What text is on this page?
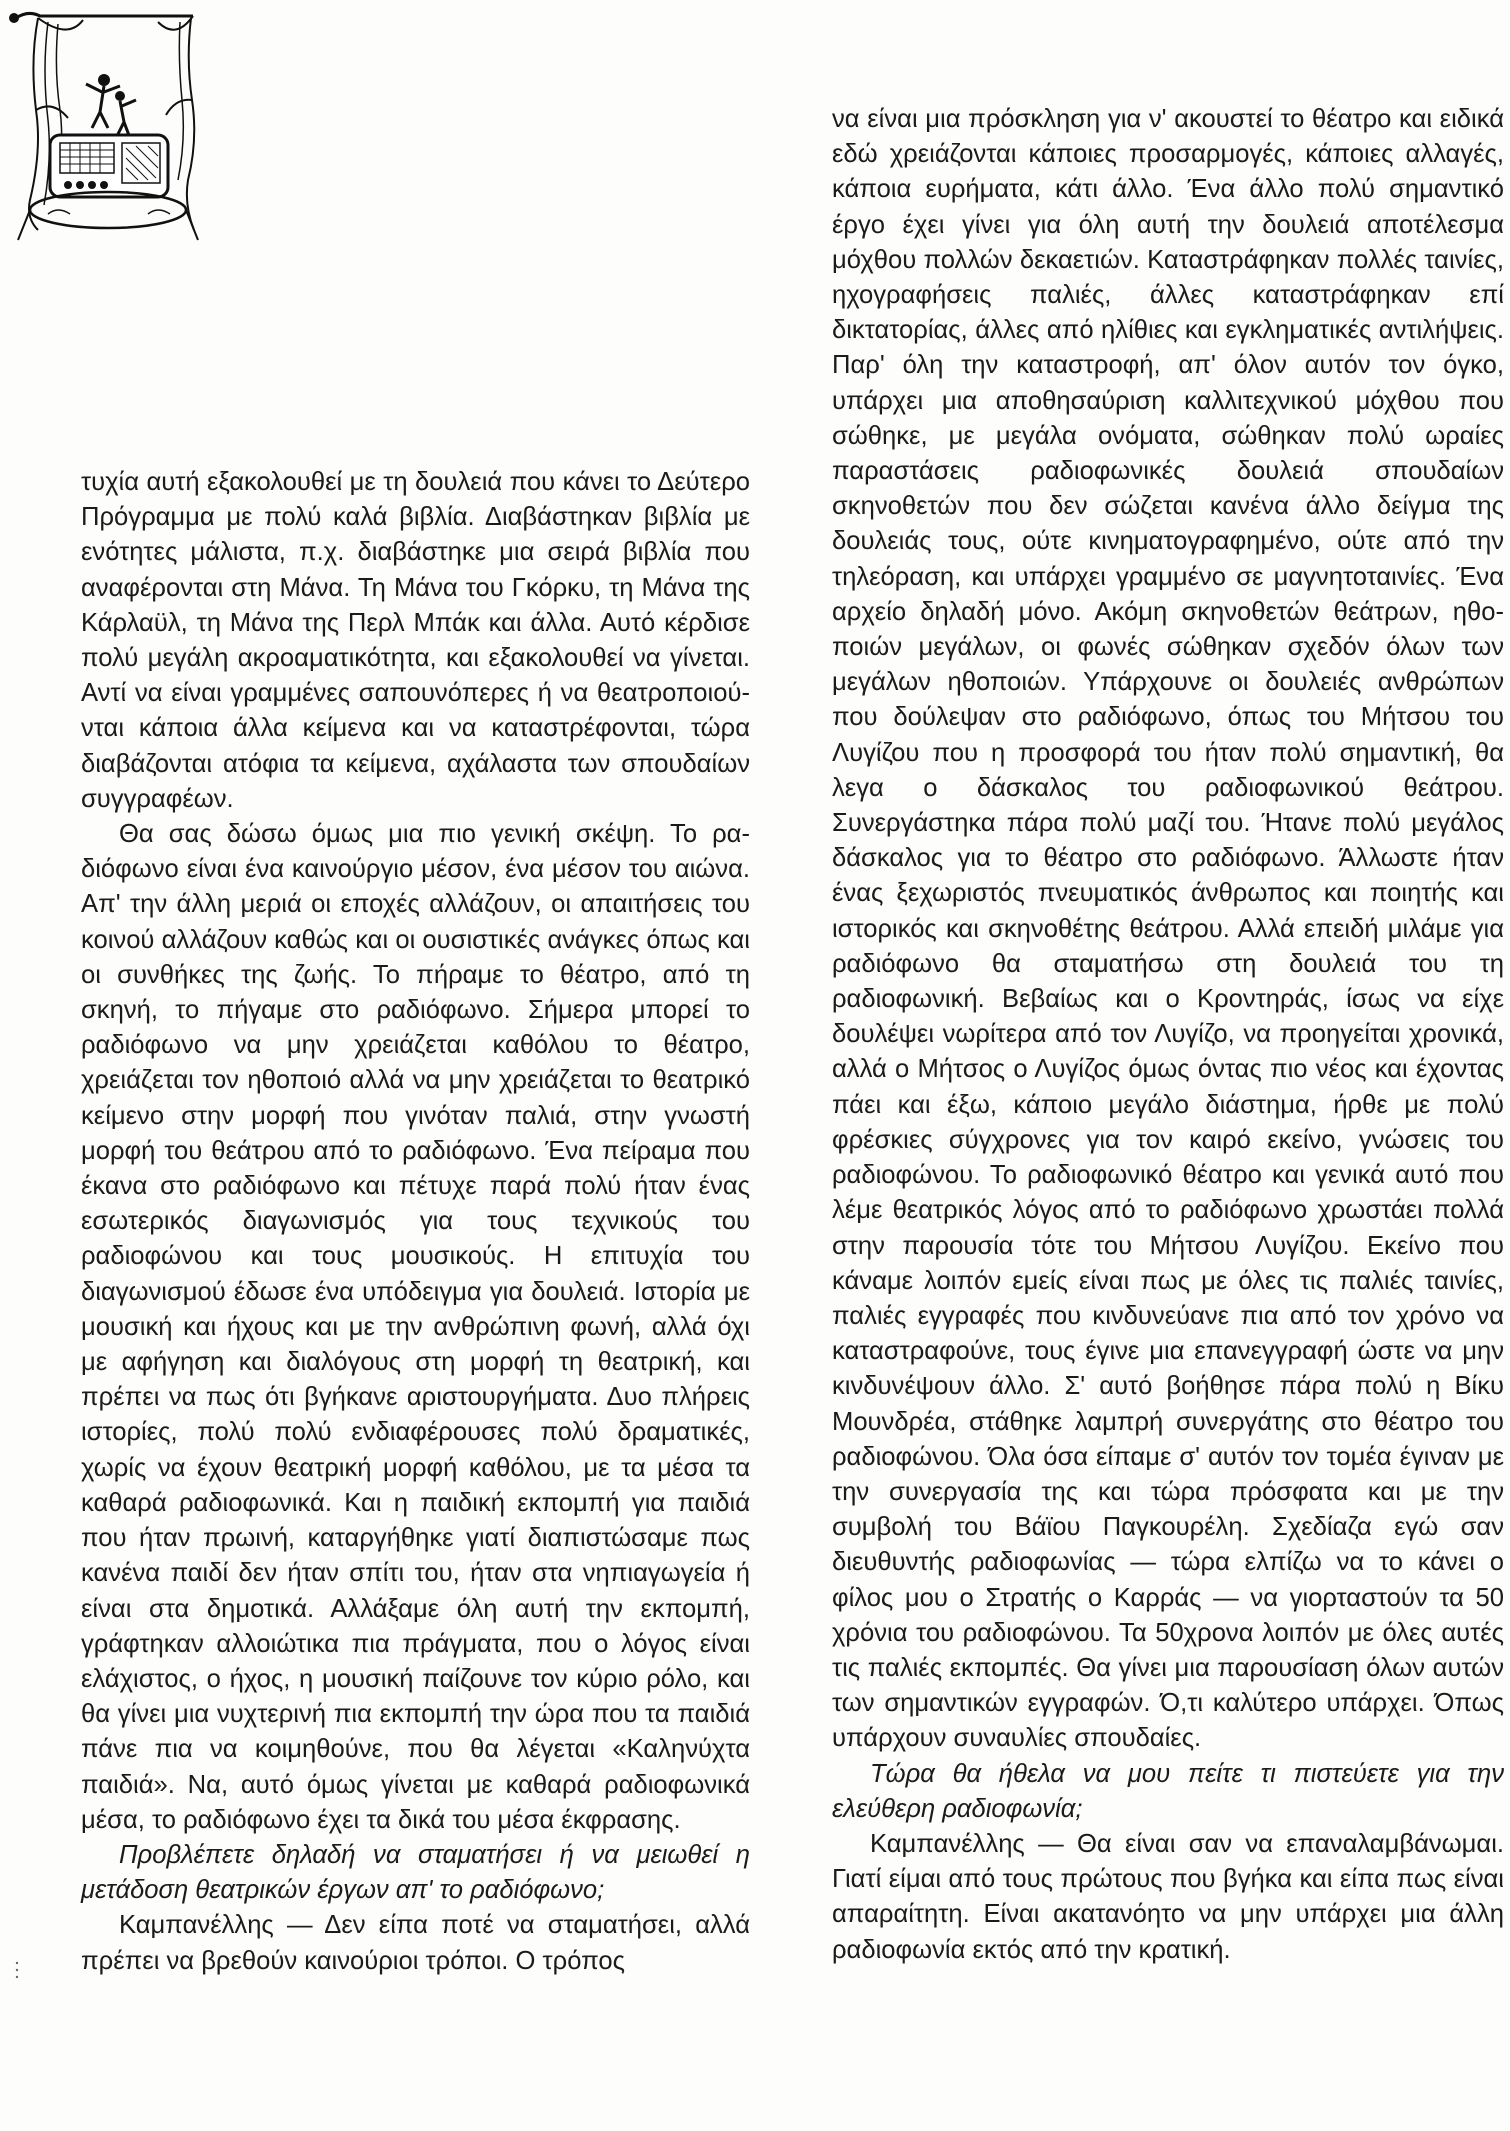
τυχία αυτή εξακολουθεί με τη δουλειά που κάνει το Δεύτερο Πρόγραμμα με πολύ καλά βιβλία. Διαβάστηκαν βιβλία με ενότητες μάλιστα, π.χ. διαβάστηκε μια σειρά βιβλία που αναφέρονται στη Μάνα. Τη Μάνα του Γκόρκυ, τη Μάνα της Κάρλαϋλ, τη Μάνα της Περλ Μπάκ και άλλα. Αυτό κέρδισε πολύ μεγάλη ακροαματικότητα, και εξακολουθεί να γίνεται. Αντί να είναι γραμμένες σαπουνόπερες ή να θεατροποιούνται κάποια άλλα κείμενα και να καταστρέφονται, τώρα διαβάζονται ατόφια τα κείμενα, αχάλαστα των σπουδαίων συγγραφέων.

Θα σας δώσω όμως μια πιο γενική σκέψη. Το ραδιόφωνο είναι ένα καινούργιο μέσον, ένα μέσον του αιώνα. Απ' την άλλη μεριά οι εποχές αλλάζουν, οι απαιτήσεις του κοινού αλλάζουν καθώς και οι ουσιστικές ανάγκες όπως και οι συνθήκες της ζωής. Το πήραμε το θέατρο, από τη σκηνή, το πήγαμε στο ραδιόφωνο. Σήμερα μπορεί το ραδιόφωνο να μην χρειάζεται καθόλου το θέατρο, χρειάζεται τον ηθοποιό αλλά να μην χρειάζεται το θεατρικό κείμενο στην μορφή που γινόταν παλιά, στην γνωστή μορφή του θεάτρου από το ραδιόφωνο. Ένα πείραμα που έκανα στο ραδιόφωνο και πέτυχε παρά πολύ ήταν ένας εσωτερικός διαγωνισμός για τους τεχνικούς του ραδιοφώνου και τους μουσικούς. Η επιτυχία του διαγωνισμού έδωσε ένα υπόδειγμα για δουλειά. Ιστορία με μουσική και ήχους και με την ανθρώπινη φωνή, αλλά όχι με αφήγηση και διαλόγους στη μορφή τη θεατρική, και πρέπει να πως ότι βγήκανε αριστουργήματα. Δυο πλήρεις ιστορίες, πολύ πολύ ενδιαφέρουσες πολύ δραματικές, χωρίς να έχουν θεατρική μορφή καθόλου, με τα μέσα τα καθαρά ραδιοφωνικά. Και η παιδική εκπομπή για παιδιά που ήταν πρωινή, καταργήθηκε γιατί διαπιστώσαμε πως κανένα παιδί δεν ήταν σπίτι του, ήταν στα νηπιαγωγεία ή είναι στα δημοτικά. Αλλάξαμε όλη αυτή την εκπομπή, γράφτηκαν αλλοιώτικα πια πράγματα, που ο λόγος είναι ελάχιστος, ο ήχος, η μουσική παίζουνε τον κύριο ρόλο, και θα γίνει μια νυχτερινή πια εκπομπή την ώρα που τα παιδιά πάνε πια να κοιμηθούνε, που θα λέγεται «Καληνύχτα παιδιά». Να, αυτό όμως γίνεται με καθαρά ραδιοφωνικά μέσα, το ραδιόφωνο έχει τα δικά του μέσα έκφρασης.

Προβλέπετε δηλαδή να σταματήσει ή να μειωθεί η μετάδοση θεατρικών έργων απ' το ραδιόφωνο;

Καμπανέλλης — Δεν είπα ποτέ να σταματήσει, αλλά πρέπει να βρεθούν καινούριοι τρόποι. Ο τρόπος

να είναι μια πρόσκληση για ν' ακουστεί το θέατρο και ειδικά εδώ χρειάζονται κάποιες προσαρμογές, κάποιες αλλαγές, κάποια ευρήματα, κάτι άλλο. Ένα άλλο πολύ σημαντικό έργο έχει γίνει για όλη αυτή την δουλειά αποτέλεσμα μόχθου πολλών δεκαετιών. Καταστράφηκαν πολλές ταινίες, ηχογραφήσεις παλιές, άλλες καταστράφηκαν επί δικτατορίας, άλλες από ηλίθιες και εγκληματικές αντιλήψεις. Παρ' όλη την καταστροφή, απ' όλον αυτόν τον όγκο, υπάρχει μια αποθησαύριση καλλιτεχνικού μόχθου που σώθηκε, με μεγάλα ονόματα, σώθηκαν πολύ ωραίες παραστάσεις ραδιοφωνικές δουλειά σπουδαίων σκηνοθετών που δεν σώζεται κανένα άλλο δείγμα της δουλειάς τους, ούτε κινηματογραφημένο, ούτε από την τηλεόραση, και υπάρχει γραμμένο σε μαγνητοταινίες. Ένα αρχείο δηλαδή μόνο. Ακόμη σκηνοθετών θεάτρων, ηθοποιών μεγάλων, οι φωνές σώθηκαν σχεδόν όλων των μεγάλων ηθοποιών. Υπάρχουνε οι δουλειές ανθρώπων που δούλεψαν στο ραδιόφωνο, όπως του Μήτσου του Λυγίζου που η προσφορά του ήταν πολύ σημαντική, θα λεγα ο δάσκαλος του ραδιοφωνικού θεάτρου. Συνεργάστηκα πάρα πολύ μαζί του. Ήτανε πολύ μεγάλος δάσκαλος για το θέατρο στο ραδιόφωνο. Άλλωστε ήταν ένας ξεχωριστός πνευματικός άνθρωπος και ποιητής και ιστορικός και σκηνοθέτης θεάτρου. Αλλά επειδή μιλάμε για ραδιόφωνο θα σταματήσω στη δουλειά του τη ραδιοφωνική. Βεβαίως και ο Κροντηράς, ίσως να είχε δουλέψει νωρίτερα από τον Λυγίζο, να προηγείται χρονικά, αλλά ο Μήτσος ο Λυγίζος όμως όντας πιο νέος και έχοντας πάει και έξω, κάποιο μεγάλο διάστημα, ήρθε με πολύ φρέσκιες σύγχρονες για τον καιρό εκείνο, γνώσεις του ραδιοφώνου. Το ραδιοφωνικό θέατρο και γενικά αυτό που λέμε θεατρικός λόγος από το ραδιόφωνο χρωστάει πολλά στην παρουσία τότε του Μήτσου Λυγίζου. Εκείνο που κάναμε λοιπόν εμείς είναι πως με όλες τις παλιές ταινίες, παλιές εγγραφές που κινδυνεύανε πια από τον χρόνο να καταστραφούνε, τους έγινε μια επανεγγραφή ώστε να μην κινδυνέψουν άλλο. Σ' αυτό βοήθησε πάρα πολύ η Βίκυ Μουνδρέα, στάθηκε λαμπρή συνεργάτης στο θέατρο του ραδιοφώνου. Όλα όσα είπαμε σ' αυτόν τον τομέα έγιναν με την συνεργασία της και τώρα πρόσφατα και με την συμβολή του Βάϊου Παγκουρέλη. Σχεδίαζα εγώ σαν διευθυντής ραδιοφωνίας — τώρα ελπίζω να το κάνει ο φίλος μου ο Στρατής ο Καρράς — να γιορταστούν τα 50 χρόνια του ραδιοφώνου. Τα 50χρονα λοιπόν με όλες αυτές τις παλιές εκπομπές. Θα γίνει μια παρουσίαση όλων αυτών των σημαντικών εγγραφών. Ό,τι καλύτερο υπάρχει. Όπως υπάρχουν συναυλίες σπουδαίες.

Τώρα θα ήθελα να μου πείτε τι πιστεύετε για την ελεύθερη ραδιοφωνία;

Καμπανέλλης — Θα είναι σαν να επαναλαμβάνωμαι. Γιατί είμαι από τους πρώτους που βγήκα και είπα πως είναι απαραίτητη. Είναι ακατανόητο να μην υπάρχει μια άλλη ραδιοφωνία εκτός από την κρατική.
